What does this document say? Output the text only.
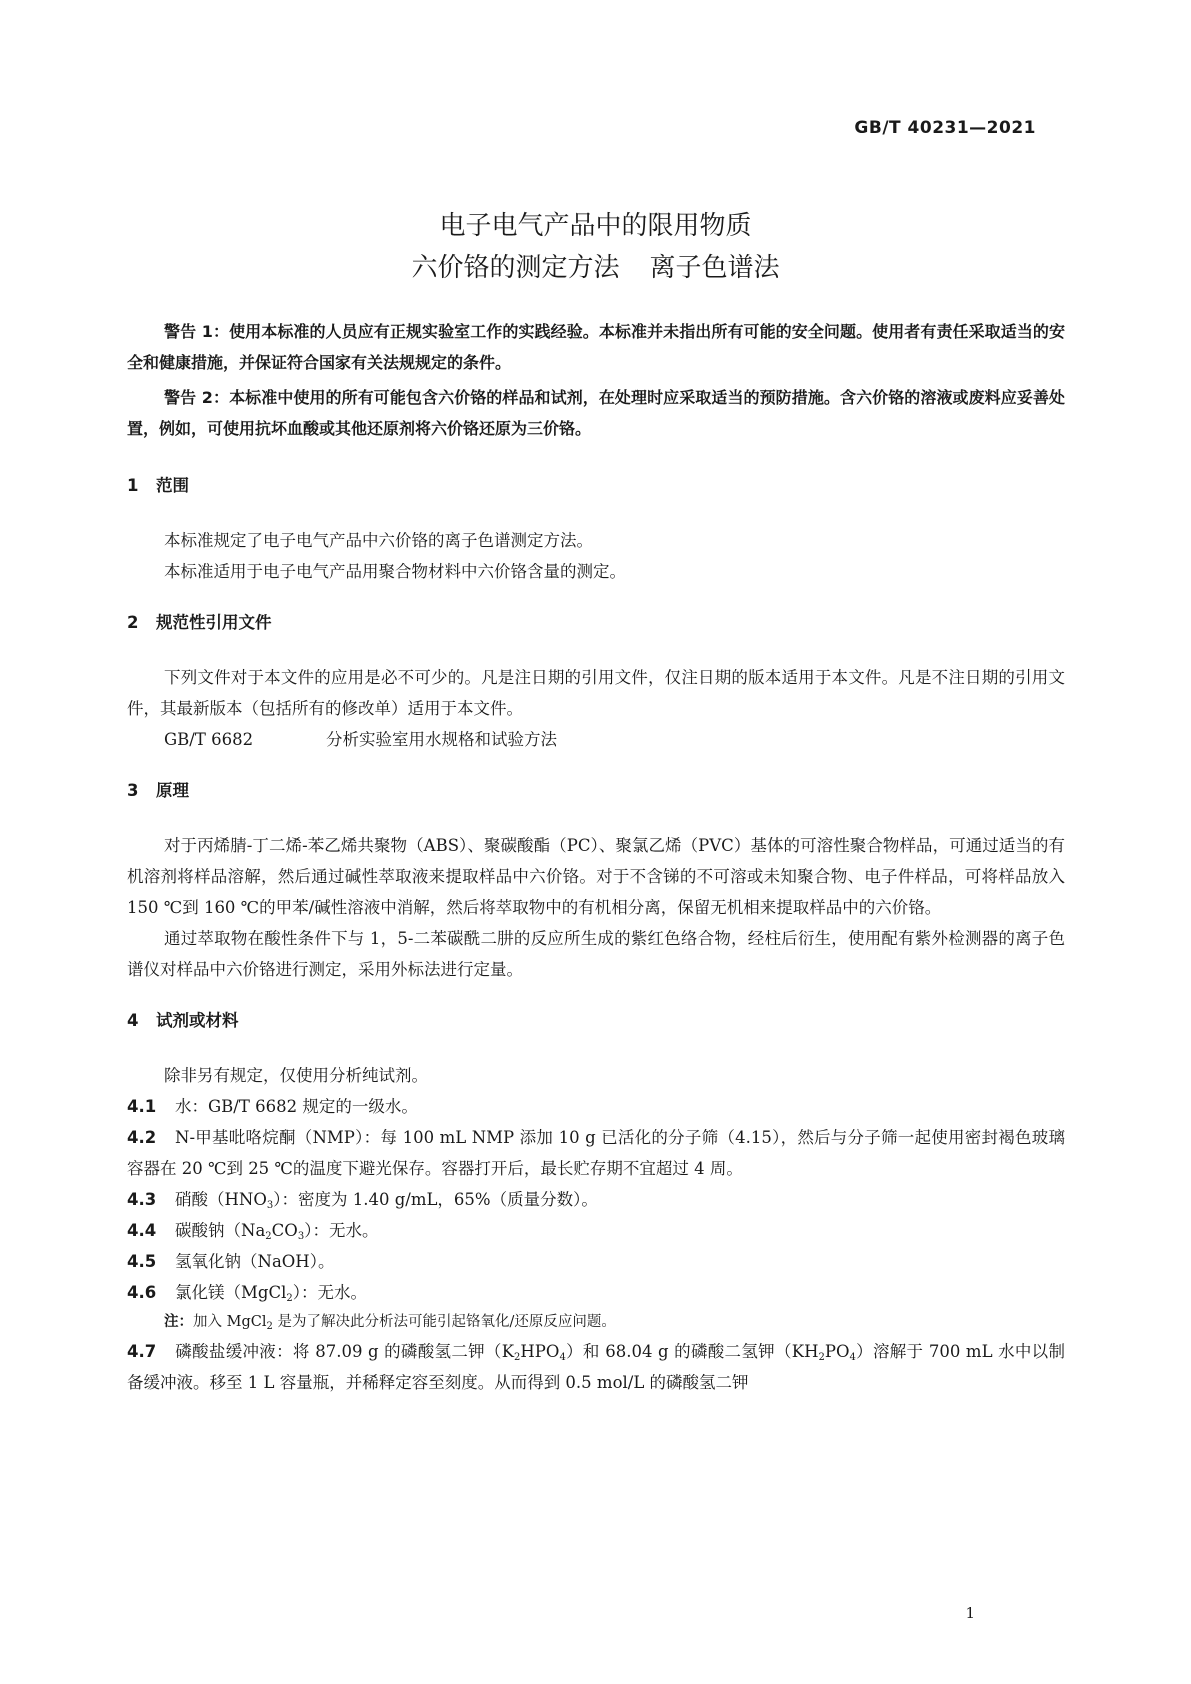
GB/T 40231—2021
电子电气产品中的限用物质
六价铬的测定方法 离子色谱法

警告 1：使用本标准的人员应有正规实验室工作的实践经验。本标准并未指出所有可能的安全问题。使用者有责任采取适当的安全和健康措施，并保证符合国家有关法规规定的条件。

警告 2：本标准中使用的所有可能包含六价铬的样品和试剂，在处理时应采取适当的预防措施。含六价铬的溶液或废料应妥善处置，例如，可使用抗坏血酸或其他还原剂将六价铬还原为三价铬。

1 范围

本标准规定了电子电气产品中六价铬的离子色谱测定方法。

本标准适用于电子电气产品用聚合物材料中六价铬含量的测定。

2 规范性引用文件

下列文件对于本文件的应用是必不可少的。凡是注日期的引用文件，仅注日期的版本适用于本文件。凡是不注日期的引用文件，其最新版本（包括所有的修改单）适用于本文件。

GB/T 6682	分析实验室用水规格和试验方法

3 原理

对于丙烯腈-丁二烯-苯乙烯共聚物（ABS）、聚碳酸酯（PC）、聚氯乙烯（PVC）基体的可溶性聚合物样品，可通过适当的有机溶剂将样品溶解，然后通过碱性萃取液来提取样品中六价铬。对于不含锑的不可溶或未知聚合物、电子件样品，可将样品放入 150 ℃到 160 ℃的甲苯/碱性溶液中消解，然后将萃取物中的有机相分离，保留无机相来提取样品中的六价铬。

通过萃取物在酸性条件下与 1，5-二苯碳酰二肼的反应所生成的紫红色络合物，经柱后衍生，使用配有紫外检测器的离子色谱仪对样品中六价铬进行测定，采用外标法进行定量。

4 试剂或材料

除非另有规定，仅使用分析纯试剂。

4.1 水：GB/T 6682 规定的一级水。

4.2 N-甲基吡咯烷酮（NMP）：每 100 mL NMP 添加 10 g 已活化的分子筛（4.15），然后与分子筛一起使用密封褐色玻璃容器在 20 ℃到 25 ℃的温度下避光保存。容器打开后，最长贮存期不宜超过 4 周。

4.3 硝酸$(HNO_3)$：密度为 1.40 g/mL，65%（质量分数）。

4.4 碳酸钠$(Na_2CO_3)$：无水。

4.5 氢氧化钠（NaOH）。

4.6 氯化镁（MgCl$_2$）：无水。

注：加入 MgCl$_2$ 是为了解决此分析法可能引起铬氧化/还原反应问题。

4.7 磷酸盐缓冲液：将 87.09 g 的磷酸氢二钾$(K_2HPO_4)$和 68.04 g 的磷酸二氢钾$(KH_2PO_4)$溶解于 700 mL 水中以制备缓冲液。移至 1 L 容量瓶，并稀释定容至刻度。从而得到 0.5 mol/L 的磷酸氢二钾

1
